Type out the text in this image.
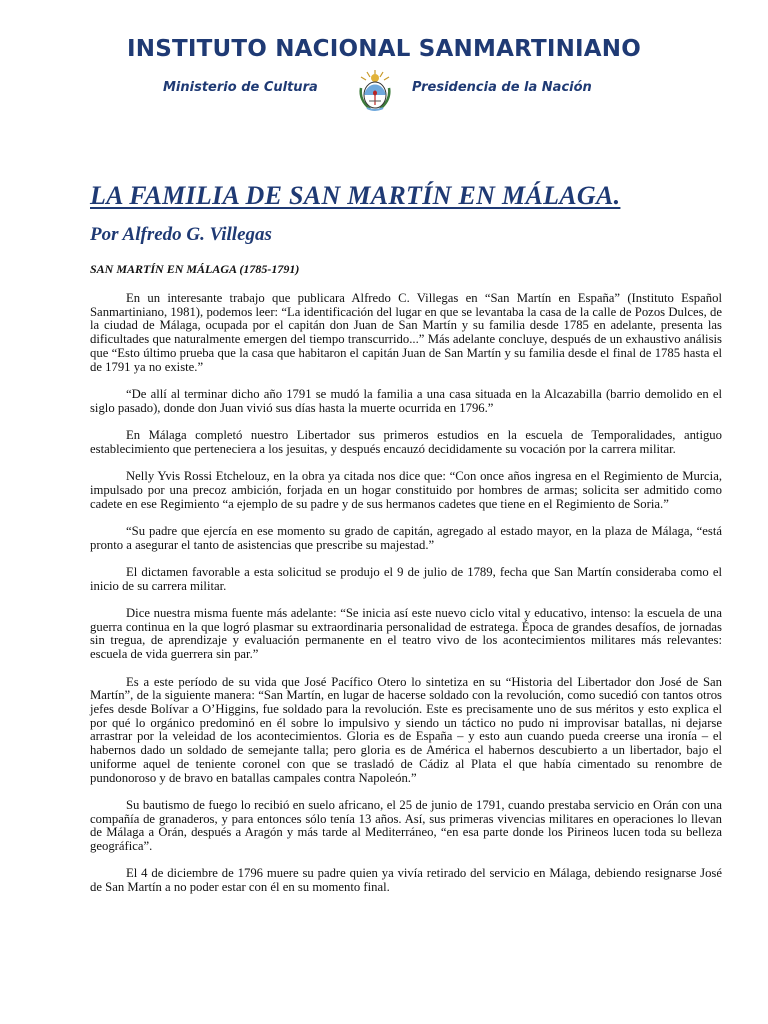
INSTITUTO NACIONAL SANMARTINIANO
Ministerio de Cultura	Presidencia de la Nación
LA FAMILIA DE SAN MARTÍN EN MÁLAGA.
Por Alfredo G. Villegas
SAN MARTÍN EN MÁLAGA (1785-1791)

En un interesante trabajo que publicara Alfredo C. Villegas en “San Martín en España” (Instituto Español Sanmartiniano, 1981), podemos leer: “La identificación del lugar en que se levantaba la casa de la calle de Pozos Dulces, de la ciudad de Málaga, ocupada por el capitán don Juan de San Martín y su familia desde 1785 en adelante, presenta las dificultades que naturalmente emergen del tiempo transcurrido...” Más adelante concluye, después de un exhaustivo análisis que “Esto último prueba que la casa que habitaron el capitán Juan de San Martín y su familia desde el final de 1785 hasta el de 1791 ya no existe.”

“De allí al terminar dicho año 1791 se mudó la familia a una casa situada en la Alcazabilla (barrio demolido en el siglo pasado), donde don Juan vivió sus días hasta la muerte ocurrida en 1796.”

En Málaga completó nuestro Libertador sus primeros estudios en la escuela de Temporalidades, antiguo establecimiento que perteneciera a los jesuitas, y después encauzó decididamente su vocación por la carrera militar.

Nelly Yvis Rossi Etchelouz, en la obra ya citada nos dice que: “Con once años ingresa en el Regimiento de Murcia, impulsado por una precoz ambición, forjada en un hogar constituido por hombres de armas; solicita ser admitido como cadete en ese Regimiento “a ejemplo de su padre y de sus hermanos cadetes que tiene en el Regimiento de Soria.”

“Su padre que ejercía en ese momento su grado de capitán, agregado al estado mayor, en la plaza de Málaga, “está pronto a asegurar el tanto de asistencias que prescribe su majestad.”

El dictamen favorable a esta solicitud se produjo el 9 de julio de 1789, fecha que San Martín consideraba como el inicio de su carrera militar.

Dice nuestra misma fuente más adelante: “Se inicia así este nuevo ciclo vital y educativo, intenso: la escuela de una guerra continua en la que logró plasmar su extraordinaria personalidad de estratega. Época de grandes desafíos, de jornadas sin tregua, de aprendizaje y evaluación permanente en el teatro vivo de los acontecimientos militares más relevantes: escuela de vida guerrera sin par.”

Es a este período de su vida que José Pacífico Otero lo sintetiza en su “Historia del Libertador don José de San Martín”, de la siguiente manera: “San Martín, en lugar de hacerse soldado con la revolución, como sucedió con tantos otros jefes desde Bolívar a O’Higgins, fue soldado para la revolución. Este es precisamente uno de sus méritos y esto explica el por qué lo orgánico predominó en él sobre lo impulsivo y siendo un táctico no pudo ni improvisar batallas, ni dejarse arrastrar por la veleidad de los acontecimientos. Gloria es de España – y esto aun cuando pueda creerse una ironía – el habernos dado un soldado de semejante talla; pero gloria es de América el habernos descubierto a un libertador, bajo el uniforme aquel de teniente coronel con que se trasladó de Cádiz al Plata el que había cimentado su renombre de pundonoroso y de bravo en batallas campales contra Napoleón.”

Su bautismo de fuego lo recibió en suelo africano, el 25 de junio de 1791, cuando prestaba servicio en Orán con una compañía de granaderos, y para entonces sólo tenía 13 años. Así, sus primeras vivencias militares en operaciones lo llevan de Málaga a Orán, después a Aragón y más tarde al Mediterráneo, “en esa parte donde los Pirineos lucen toda su belleza geográfica”.

El 4 de diciembre de 1796 muere su padre quien ya vivía retirado del servicio en Málaga, debiendo resignarse José de San Martín a no poder estar con él en su momento final.
